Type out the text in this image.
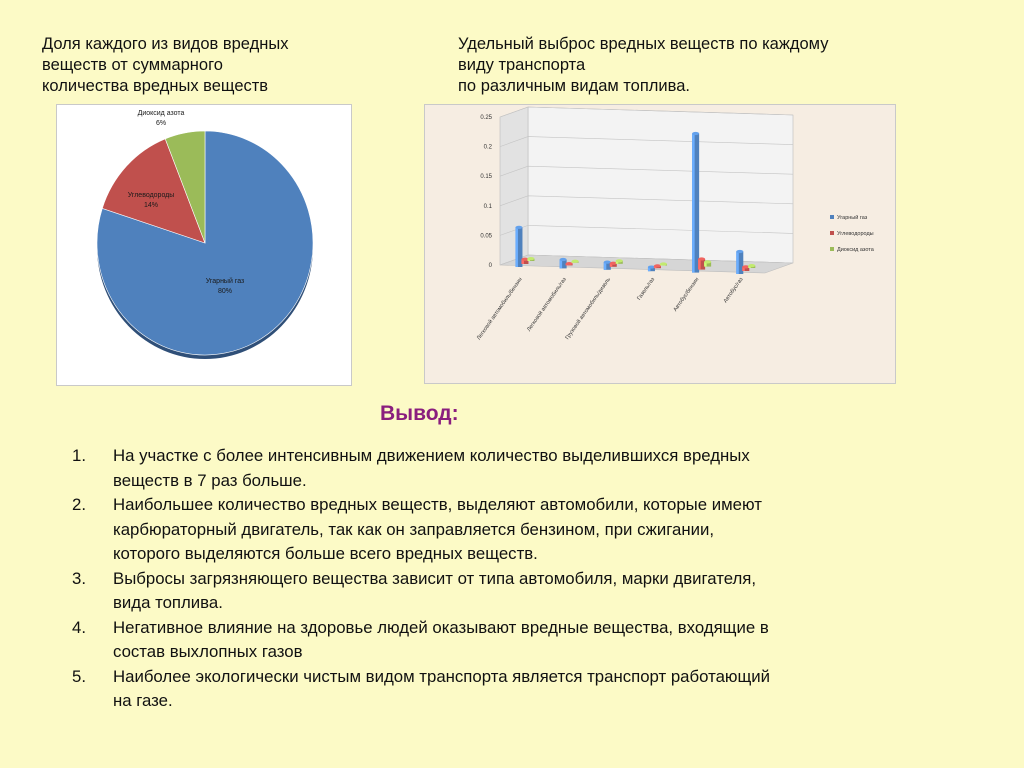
Доля каждого из видов вредных
веществ от суммарного
количества вредных веществ
Удельный выброс вредных веществ по каждому
виду транспорта
по различным видам топлива.
Угарный газ
80%
Диоксид азота
6%
Углеводороды
14%
0
0.05
0.1
0.15
0.2
0.25
Легковой автомобиль/бензин Легковой автомобиль/газ
Грузовой автомобиль/дизель	Газель/газ	Автобус/бензин	Автобус/газ
Угарный газ
Углеводороды
Диоксид азота
Вывод:
1. На участке с более интенсивным движением количество выделившихся вредных
веществ в 7 раз больше.
2. Наибольшее количество вредных веществ, выделяют автомобили, которые имеют
карбюраторный двигатель, так как он заправляется бензином, при сжигании,
которого выделяются больше всего вредных веществ.
3. Выбросы загрязняющего вещества зависит от типа автомобиля, марки двигателя,
вида топлива.
4. Негативное влияние на здоровье людей оказывают вредные вещества, входящие в
состав выхлопных газов
5. Наиболее экологически чистым видом транспорта является транспорт работающий
на газе.
